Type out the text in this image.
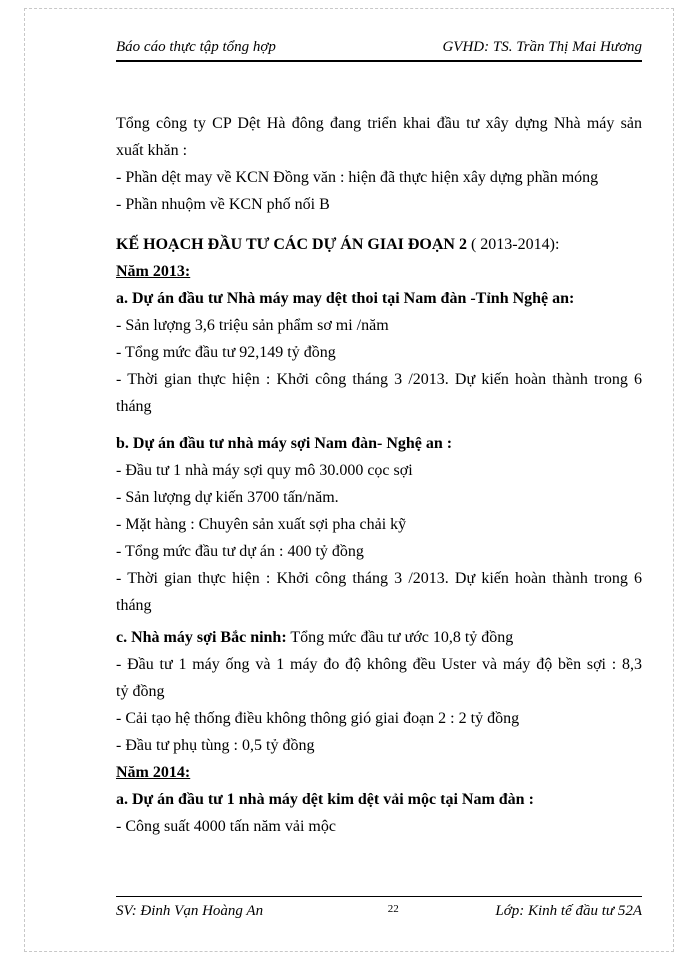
Báo cáo thực tập tổng hợp	GVHD: TS. Trần Thị Mai Hương
Tổng công ty CP Dệt Hà đông đang triển khai đầu tư xây dựng Nhà máy sản
xuất khăn :
- Phần dệt may về KCN Đồng văn : hiện đã thực hiện xây dựng phần móng
- Phần nhuộm về KCN phố nối B
KẾ HOẠCH ĐẦU TƯ CÁC DỰ ÁN GIAI ĐOẠN 2 ( 2013-2014):
Năm 2013:
a. Dự án đầu tư Nhà máy may dệt thoi tại Nam đàn -Tỉnh Nghệ an:
- Sản lượng 3,6 triệu sản phẩm sơ mi /năm
- Tổng mức đầu tư 92,149 tỷ đồng
- Thời gian thực hiện : Khởi công tháng 3 /2013. Dự kiến hoàn thành trong 6
tháng
b. Dự án đầu tư nhà máy sợi Nam đàn- Nghệ an :
- Đầu tư 1 nhà máy sợi quy mô 30.000 cọc sợi
- Sản lượng dự kiến 3700 tấn/năm.
- Mặt hàng : Chuyên sản xuất sợi pha chải kỹ
- Tổng mức đầu tư dự án : 400 tỷ đồng
- Thời gian thực hiện : Khởi công tháng 3 /2013. Dự kiến hoàn thành trong 6
tháng
c. Nhà máy sợi Bắc ninh: Tổng mức đầu tư ước 10,8 tỷ đồng
- Đầu tư 1 máy ống và 1 máy đo độ không đều Uster và máy độ bền sợi : 8,3
tỷ đồng
- Cải tạo hệ thống điều không thông gió giai đoạn 2 : 2 tỷ đồng
- Đầu tư phụ tùng : 0,5 tỷ đồng
Năm 2014:
a. Dự án đầu tư 1 nhà máy dệt kim dệt vải mộc tại Nam đàn :
- Công suất 4000 tấn năm vải mộc
SV: Đinh Vạn Hoàng An	22	Lớp: Kinh tế đầu tư 52A
